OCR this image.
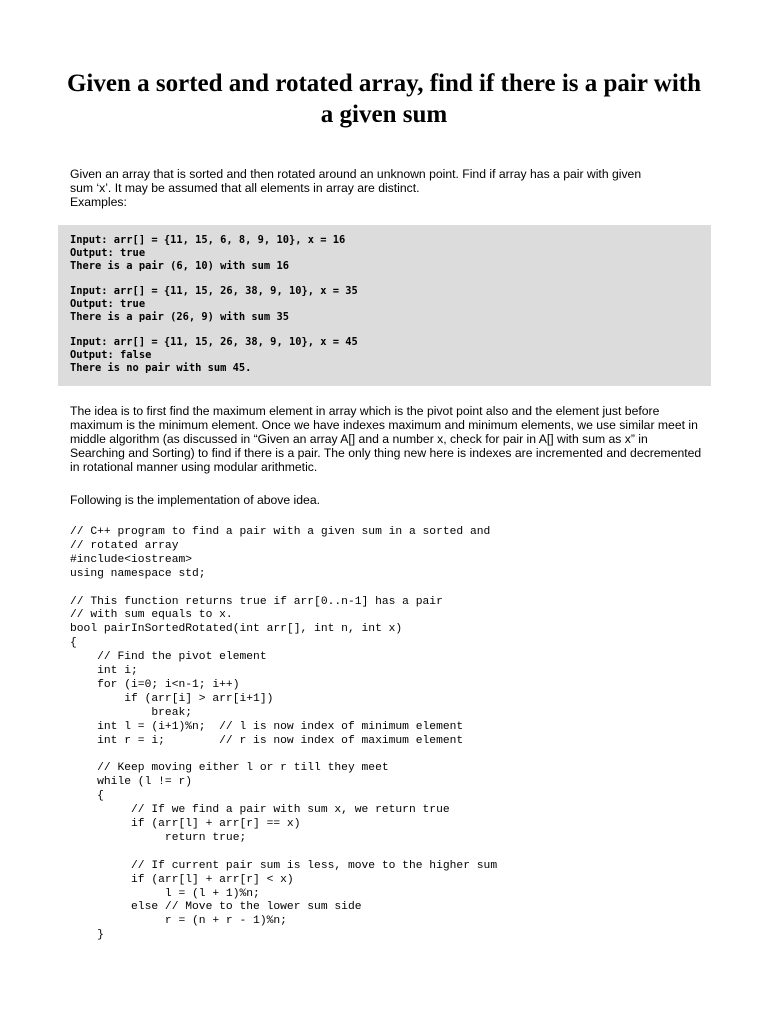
Given a sorted and rotated array, find if there is a pair with a given sum

Given an array that is sorted and then rotated around an unknown point. Find if array has a pair with given

sum ‘x’. It may be assumed that all elements in array are distinct.

Examples:

Input: arr[] = {11, 15, 6, 8, 9, 10}, x = 16
Output: true
There is a pair (6, 10) with sum 16

Input: arr[] = {11, 15, 26, 38, 9, 10}, x = 35
Output: true
There is a pair (26, 9) with sum 35

Input: arr[] = {11, 15, 26, 38, 9, 10}, x = 45
Output: false
There is no pair with sum 45.

The idea is to first find the maximum element in array which is the pivot point also and the element just before maximum is the minimum element. Once we have indexes maximum and minimum elements, we use similar meet in middle algorithm (as discussed in “Given an array A[] and a number x, check for pair in A[] with sum as x” in Searching and Sorting) to find if there is a pair. The only thing new here is indexes are incremented and decremented in rotational manner using modular arithmetic.

Following is the implementation of above idea.

// C++ program to find a pair with a given sum in a sorted and
// rotated array
#include<iostream>
using namespace std;

// This function returns true if arr[0..n-1] has a pair
// with sum equals to x.
bool pairInSortedRotated(int arr[], int n, int x)
{
// Find the pivot element
int i;
for (i=0; i<n-1; i++)
if (arr[i] > arr[i+1])
break;
int l = (i+1)%n;  // l is now index of minimum element
int r = i;        // r is now index of maximum element

// Keep moving either l or r till they meet
while (l != r)
{
// If we find a pair with sum x, we return true
if (arr[l] + arr[r] == x)
return true;

// If current pair sum is less, move to the higher sum
if (arr[l] + arr[r] < x)
l = (l + 1)%n;
else // Move to the lower sum side
r = (n + r - 1)%n;
}
